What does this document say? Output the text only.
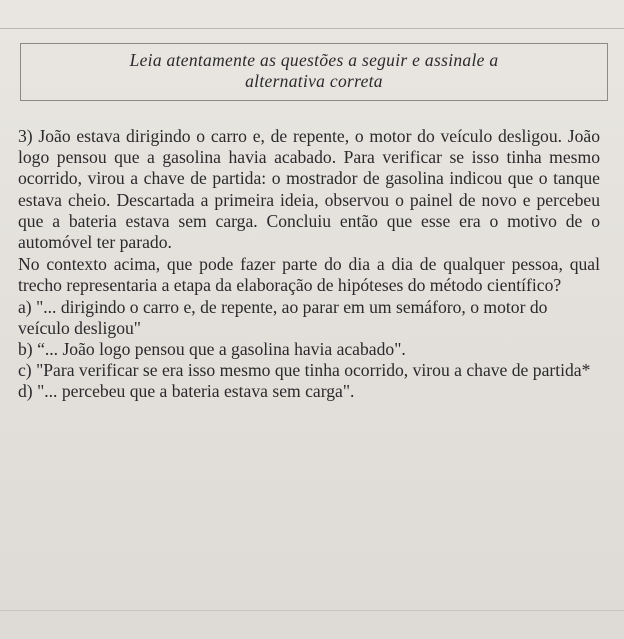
Leia atentamente as questões a seguir e assinale a
alternativa correta

3) João estava dirigindo o carro e, de repente, o motor do veículo desligou. João logo pensou que a gasolina havia acabado. Para verificar se isso tinha mesmo ocorrido, virou a chave de partida: o mostrador de gasolina indicou que o tanque estava cheio. Descartada a primeira ideia, observou o painel de novo e percebeu que a bateria estava sem carga. Concluiu então que esse era o motivo de o automóvel ter parado.

No contexto acima, que pode fazer parte do dia a dia de qualquer pessoa, qual trecho representaria a etapa da elaboração de hipóteses do método científico?

a) "... dirigindo o carro e, de repente, ao parar em um semáforo, o motor do veículo desligou"

b) “... João logo pensou que a gasolina havia acabado".

c) "Para verificar se era isso mesmo que tinha ocorrido, virou a chave de partida*

d) "... percebeu que a bateria estava sem carga".
